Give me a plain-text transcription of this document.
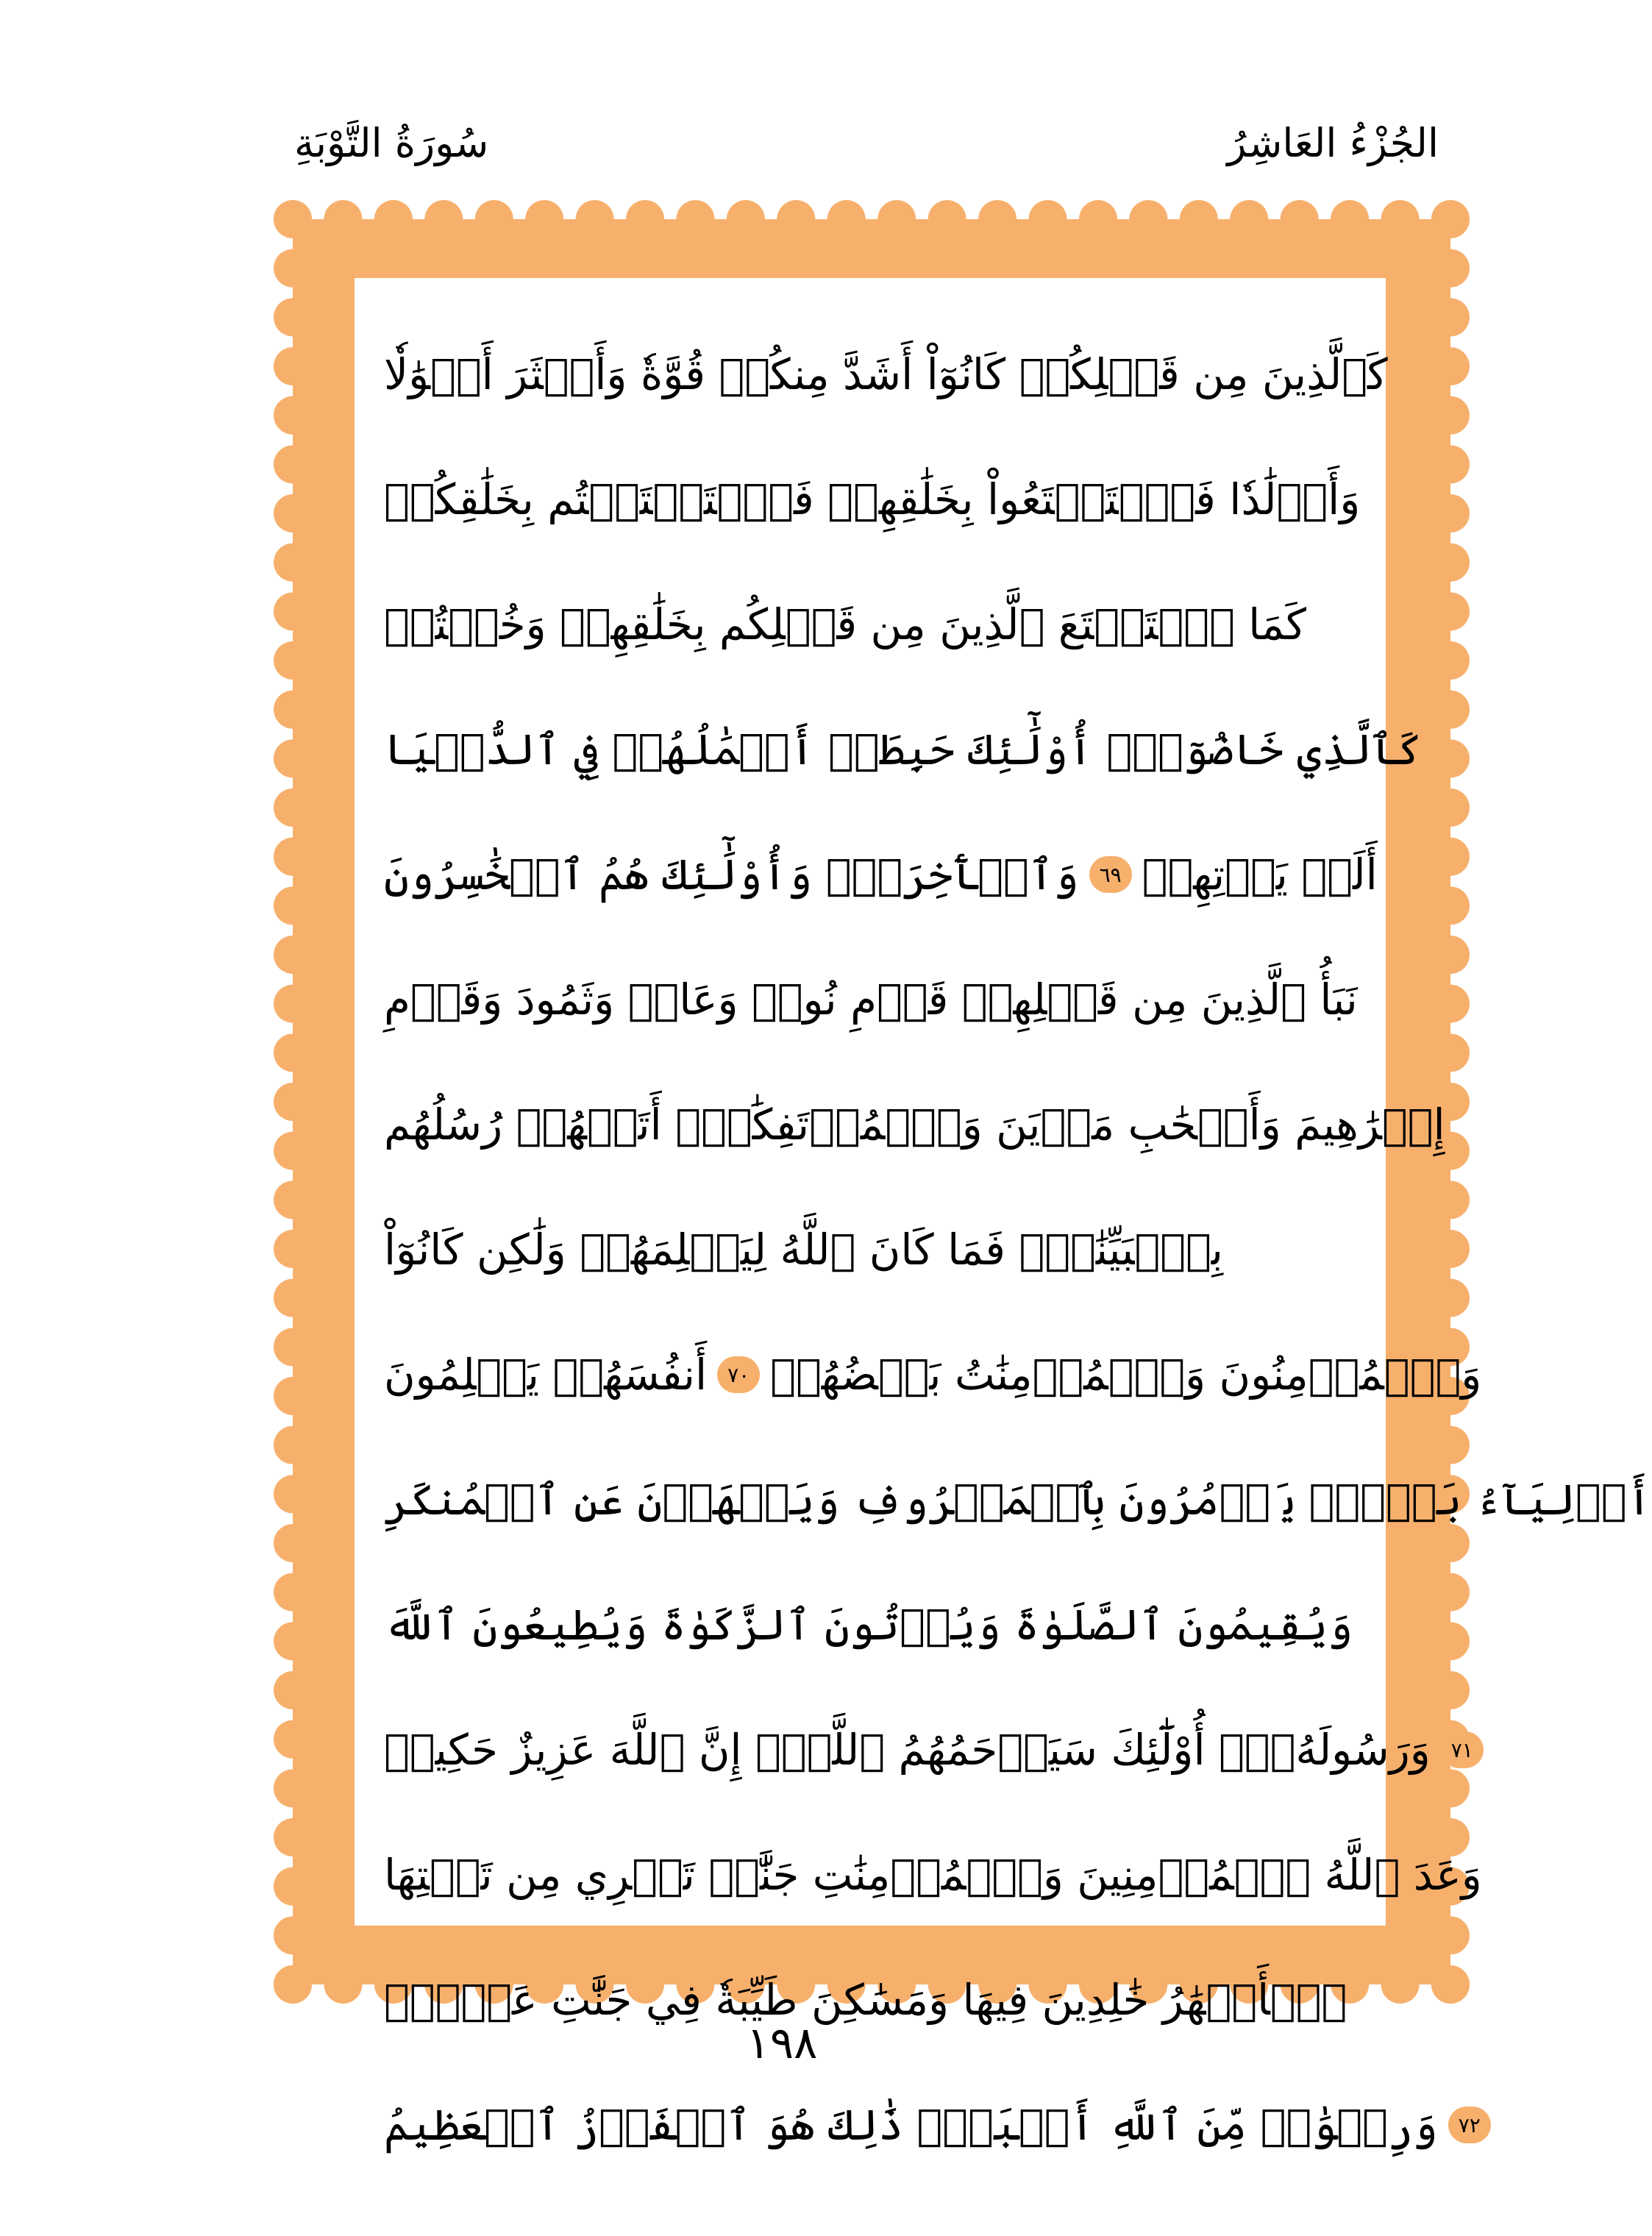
الجُزْءُ العَاشِرُ
سُورَةُ التَّوْبَةِ
كَٱلَّذِينَ مِن قَبۡلِكُمۡ كَانُوٓاْ أَشَدَّ مِنكُمۡ قُوَّةٗ وَأَكۡثَرَ أَمۡوَٰلٗا
وَأَوۡلَٰدٗا فَٱسۡتَمۡتَعُواْ بِخَلَٰقِهِمۡ فَٱسۡتَمۡتَعۡتُم بِخَلَٰقِكُمۡ
كَمَا ٱسۡتَمۡتَعَ ٱلَّذِينَ مِن قَبۡلِكُم بِخَلَٰقِهِمۡ وَخُضۡتُمۡ
كَٱلَّذِي خَاضُوٓاْۚ أُوْلَٰٓئِكَ حَبِطَتۡ أَعۡمَٰلُهُمۡ فِي ٱلدُّنۡيَا
وَٱلۡأٓخِرَةِۖ وَأُوْلَٰٓئِكَ هُمُ ٱلۡخَٰسِرُونَ ٦٩ أَلَمۡ يَأۡتِهِمۡ
نَبَأُ ٱلَّذِينَ مِن قَبۡلِهِمۡ قَوۡمِ نُوحٖ وَعَادٖ وَثَمُودَ وَقَوۡمِ
إِبۡرَٰهِيمَ وَأَصۡحَٰبِ مَدۡيَنَ وَٱلۡمُؤۡتَفِكَٰتِۚ أَتَتۡهُمۡ رُسُلُهُم
بِٱلۡبَيِّنَٰتِۖ فَمَا كَانَ ٱللَّهُ لِيَظۡلِمَهُمۡ وَلَٰكِن كَانُوٓاْ
أَنفُسَهُمۡ يَظۡلِمُونَ ٧٠ وَٱلۡمُؤۡمِنُونَ وَٱلۡمُؤۡمِنَٰتُ بَعۡضُهُمۡ
أَوۡلِيَآءُ بَعۡضٖۚ يَأۡمُرُونَ بِٱلۡمَعۡرُوفِ وَيَنۡهَوۡنَ عَنِ ٱلۡمُنكَرِ
وَيُقِيمُونَ ٱلصَّلَوٰةَ وَيُؤۡتُونَ ٱلزَّكَوٰةَ وَيُطِيعُونَ ٱللَّهَ
وَرَسُولَهُۥٓۚ أُوْلَٰٓئِكَ سَيَرۡحَمُهُمُ ٱللَّهُۗ إِنَّ ٱللَّهَ عَزِيزٌ حَكِيمٞ ٧١
وَعَدَ ٱللَّهُ ٱلۡمُؤۡمِنِينَ وَٱلۡمُؤۡمِنَٰتِ جَنَّٰتٖ تَجۡرِي مِن تَحۡتِهَا
ٱلۡأَنۡهَٰرُ خَٰلِدِينَ فِيهَا وَمَسَٰكِنَ طَيِّبَةٗ فِي جَنَّٰتِ عَدۡنٖۚ
وَرِضۡوَٰنٞ مِّنَ ٱللَّهِ أَكۡبَرُۚ ذَٰلِكَ هُوَ ٱلۡفَوۡزُ ٱلۡعَظِيمُ ٧٢
١٩٨
